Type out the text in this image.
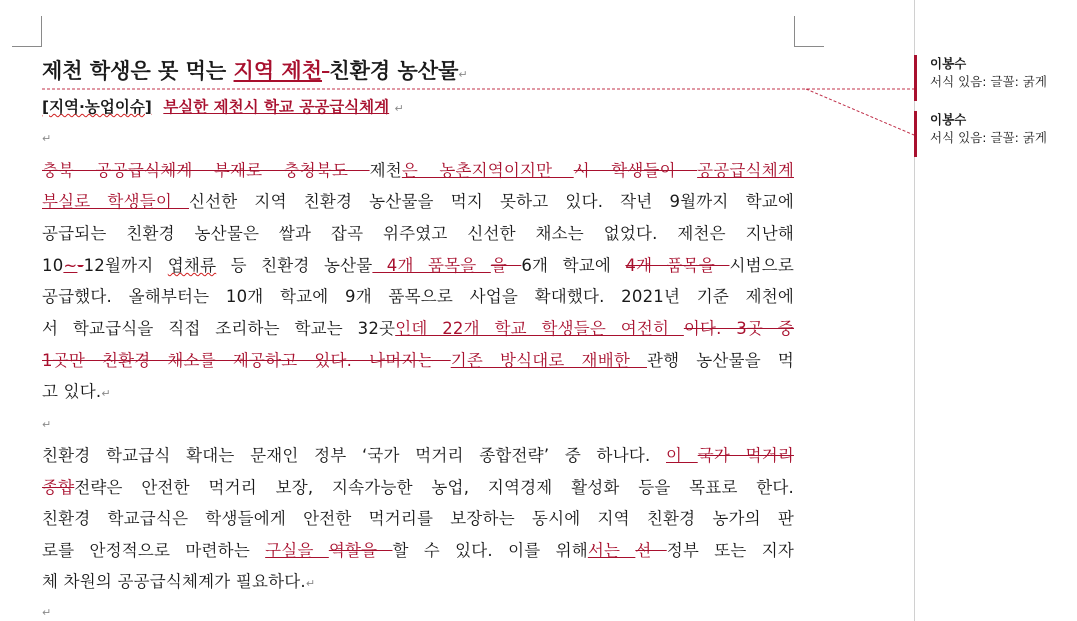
제천 학생은 못 먹는 지역 제천 친환경 농산물↵
[지역·농업이슈] 부실한 제천시 학교 공공급식체계 ↵
↵
충북 공공급식체계 부재로 충청북도 제천은 농촌지역이지만 시 학생들이 공공급식체계
부실로 학생들이 신선한 지역 친환경 농산물을 먹지 못하고 있다. 작년 9월까지 학교에
공급되는 친환경 농산물은 쌀과 잡곡 위주였고 신선한 채소는 없었다. 제천은 지난해
10~-12월까지 엽채류 등 친환경 농산물 4개 품목을 을 6개 학교에 4개 품목을 시범으로
공급했다. 올해부터는 10개 학교에 9개 품목으로 사업을 확대했다. 2021년 기준 제천에
서 학교급식을 직접 조리하는 학교는 32곳인데 22개 학교 학생들은 여전히 이다. 3곳 중
1곳만 친환경 채소를 제공하고 있다. 나머지는 기존 방식대로 재배한 관행 농산물을 먹
고 있다.↵
↵
친환경 학교급식 확대는 문재인 정부 ‘국가 먹거리 종합전략’ 중 하나다. 이 국가 먹거리
종합전략은 안전한 먹거리 보장, 지속가능한 농업, 지역경제 활성화 등을 목표로 한다.
친환경 학교급식은 학생들에게 안전한 먹거리를 보장하는 동시에 지역 친환경 농가의 판
로를 안정적으로 마련하는 구실을 역할을 할 수 있다. 이를 위해서는 선 정부 또는 지자
체 차원의 공공급식체계가 필요하다.↵
↵
이봉수
서식 있음: 글꼴: 굵게
이봉수
서식 있음: 글꼴: 굵게
